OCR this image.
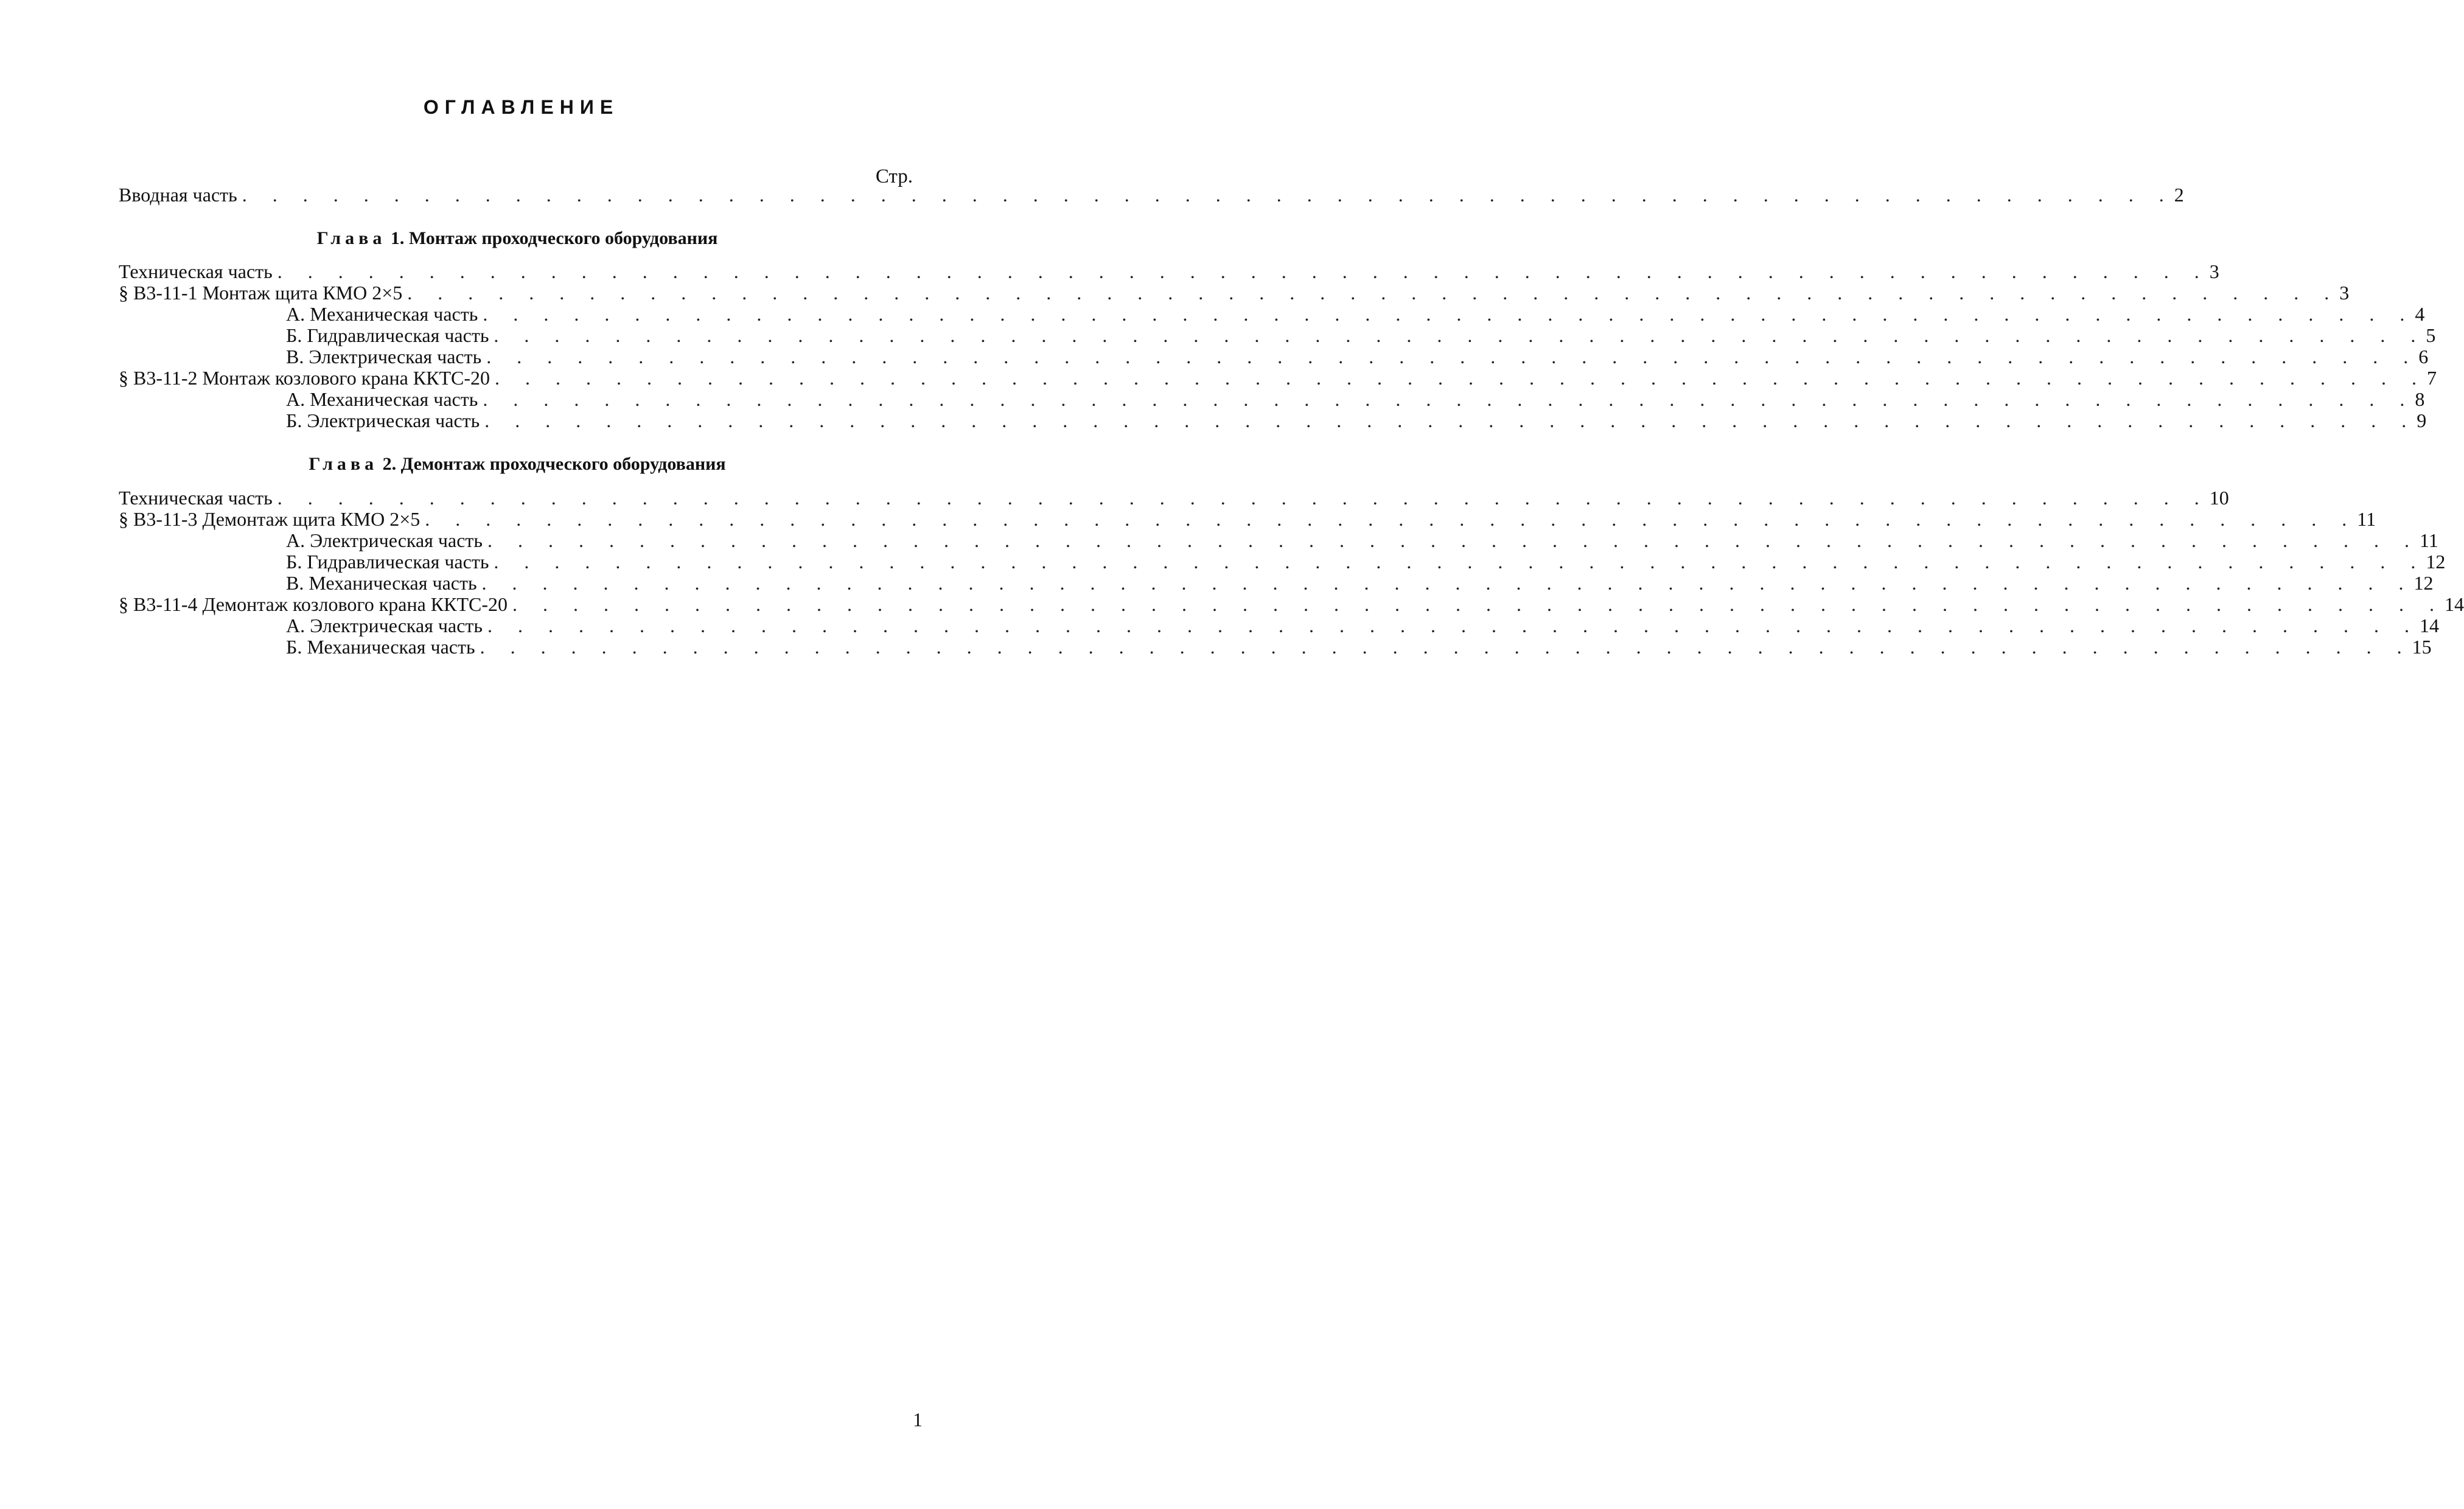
ОГЛАВЛЕНИЕ
Стр.
Вводная часть . . . . . . . . . . . . . . . . . . . . . . . . . . . . . . . . . . . . . . . . . . . . . . . . . . . . . . . . . . . . . . . . 2
Техническая часть . . . . . . . . . . . . . . . . . . . . . . . . . . . . . . . . . . . . . . . . . . . . . . . . . . . . . . . . . . . . . . . . 3
§ В3-11-1 Монтаж щита КМО 2×5 . . . . . . . . . . . . . . . . . . . . . . . . . . . . . . . . . . . . . . . . . . . . . . . . . . . . . . . . . . . . . . . . 3
А. Механическая часть . . . . . . . . . . . . . . . . . . . . . . . . . . . . . . . . . . . . . . . . . . . . . . . . . . . . . . . . . . . . . . . . 4
Б. Гидравлическая часть . . . . . . . . . . . . . . . . . . . . . . . . . . . . . . . . . . . . . . . . . . . . . . . . . . . . . . . . . . . . . . . . 5
В. Электрическая часть . . . . . . . . . . . . . . . . . . . . . . . . . . . . . . . . . . . . . . . . . . . . . . . . . . . . . . . . . . . . . . . . 6
§ В3-11-2 Монтаж козлового крана ККТС-20 . . . . . . . . . . . . . . . . . . . . . . . . . . . . . . . . . . . . . . . . . . . . . . . . . . . . . . . . . . . . . . . . 7
А. Механическая часть . . . . . . . . . . . . . . . . . . . . . . . . . . . . . . . . . . . . . . . . . . . . . . . . . . . . . . . . . . . . . . . . 8
Б. Электрическая часть . . . . . . . . . . . . . . . . . . . . . . . . . . . . . . . . . . . . . . . . . . . . . . . . . . . . . . . . . . . . . . . . 9
Техническая часть . . . . . . . . . . . . . . . . . . . . . . . . . . . . . . . . . . . . . . . . . . . . . . . . . . . . . . . . . . . . . . . . 10
§ В3-11-3 Демонтаж щита КМО 2×5 . . . . . . . . . . . . . . . . . . . . . . . . . . . . . . . . . . . . . . . . . . . . . . . . . . . . . . . . . . . . . . . . 11
А. Электрическая часть . . . . . . . . . . . . . . . . . . . . . . . . . . . . . . . . . . . . . . . . . . . . . . . . . . . . . . . . . . . . . . . . 11
Б. Гидравлическая часть . . . . . . . . . . . . . . . . . . . . . . . . . . . . . . . . . . . . . . . . . . . . . . . . . . . . . . . . . . . . . . . . 12
В. Механическая часть . . . . . . . . . . . . . . . . . . . . . . . . . . . . . . . . . . . . . . . . . . . . . . . . . . . . . . . . . . . . . . . . 12
§ В3-11-4 Демонтаж козлового крана ККТС-20 . . . . . . . . . . . . . . . . . . . . . . . . . . . . . . . . . . . . . . . . . . . . . . . . . . . . . . . . . . . . . . . . 14
А. Электрическая часть . . . . . . . . . . . . . . . . . . . . . . . . . . . . . . . . . . . . . . . . . . . . . . . . . . . . . . . . . . . . . . . . 14
Б. Механическая часть . . . . . . . . . . . . . . . . . . . . . . . . . . . . . . . . . . . . . . . . . . . . . . . . . . . . . . . . . . . . . . . . 15
Глава 1. Монтаж проходческого оборудования
Глава 2. Демонтаж проходческого оборудования
1
